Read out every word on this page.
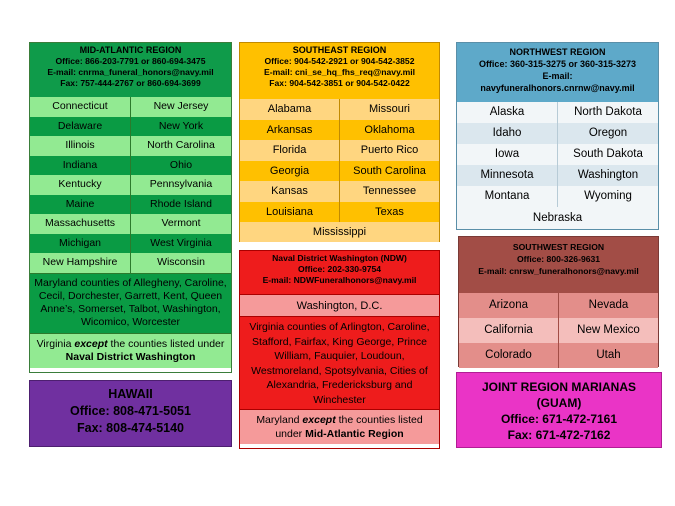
MID-ATLANTIC REGION
Office: 866-203-7791 or 860-694-3475
E-mail: cnrma_funeral_honors@navy.mil
Fax: 757-444-2767 or 860-694-3699
Connecticut	New Jersey
Delaware	New York
Illinois	North Carolina
Indiana	Ohio
Kentucky	Pennsylvania
Maine	Rhode Island
Massachusetts	Vermont
Michigan	West Virginia
New Hampshire	Wisconsin
Maryland counties of Allegheny, Caroline, Cecil, Dorchester, Garrett, Kent, Queen Anne’s, Somerset, Talbot, Washington, Wicomico, Worcester
Virginia except the counties listed under Naval District Washington
SOUTHEAST REGION
Office: 904-542-2921 or 904-542-3852
E-mail: cni_se_hq_fhs_req@navy.mil
Fax: 904-542-3851 or 904-542-0422
Alabama	Missouri
Arkansas	Oklahoma
Florida	Puerto Rico
Georgia	South Carolina
Kansas	Tennessee
Louisiana	Texas
Mississippi
NORTHWEST REGION
Office: 360-315-3275 or 360-315-3273
E-mail:
navyfuneralhonors.cnrnw@navy.mil
Alaska	North Dakota
Idaho	Oregon
Iowa	South Dakota
Minnesota	Washington
Montana	Wyoming
Nebraska
Naval District Washington (NDW)
Office: 202-330-9754
E-mail: NDWFuneralhonors@navy.mil
Washington, D.C.
Virginia counties of Arlington, Caroline, Stafford, Fairfax, King George, Prince William, Fauquier, Loudoun, Westmoreland, Spotsylvania, Cities of Alexandria, Fredericksburg and Winchester
Maryland except the counties listed under Mid-Atlantic Region
HAWAII
Office: 808-471-5051
Fax: 808-474-5140
SOUTHWEST REGION
Office: 800-326-9631
E-mail: cnrsw_funeralhonors@navy.mil
Arizona	Nevada
California	New Mexico
Colorado	Utah
JOINT REGION MARIANAS
(GUAM)
Office: 671-472-7161
Fax: 671-472-7162
